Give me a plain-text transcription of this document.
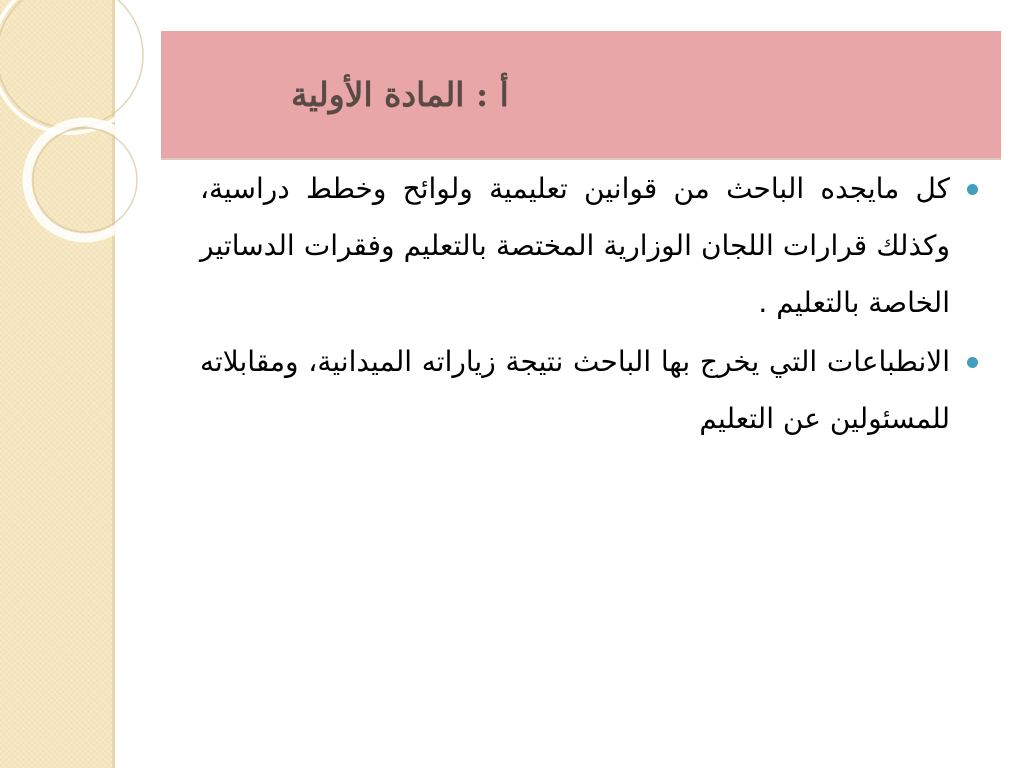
أ : المادة الأولية

كل مايجده الباحث من قوانين تعليمية ولوائح وخطط دراسية، وكذلك قرارات اللجان الوزارية المختصة بالتعليم وفقرات الدساتير الخاصة بالتعليم .

الانطباعات التي يخرج بها الباحث نتيجة زياراته الميدانية، ومقابلاته للمسئولين عن التعليم
